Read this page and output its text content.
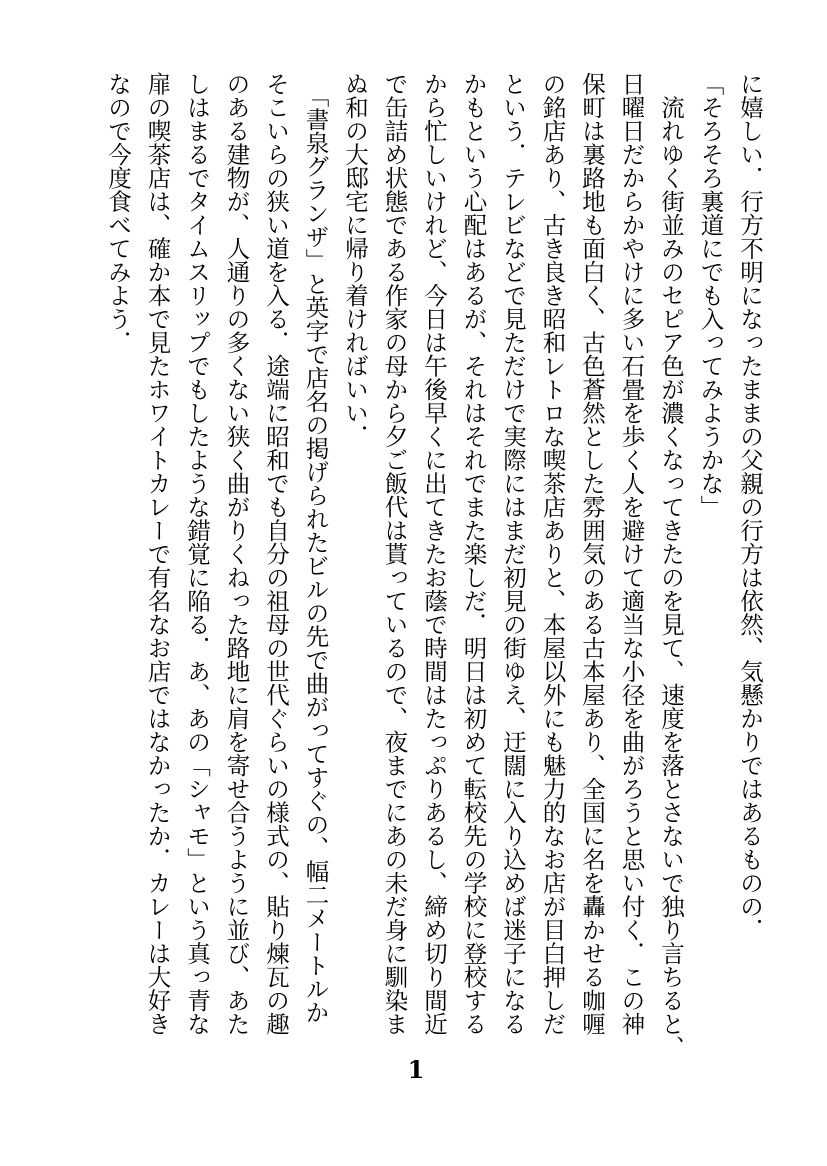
に嬉しい．行方不明になったままの父親の行方は依然、気懸かりではあるものの．
「そろそろ裏道にでも入ってみようかな」
　流れゆく街並みのセピア色が濃くなってきたのを見て、速度を落とさないで独り言ちると、
日曜日だからかやけに多い石畳を歩く人を避けて適当な小径を曲がろうと思い付く．この神
保町は裏路地も面白く、古色蒼然とした雰囲気のある古本屋あり、全国に名を轟かせる咖喱
の銘店あり、古き良き昭和レトロな喫茶店ありと、本屋以外にも魅力的なお店が目白押しだ
という．テレビなどで見ただけで実際にはまだ初見の街ゆえ、迂闊に入り込めば迷子になる
かもという心配はあるが、それはそれでまた楽しだ．明日は初めて転校先の学校に登校する
から忙しいけれど、今日は午後早くに出てきたお蔭で時間はたっぷりあるし、締め切り間近
で缶詰め状態である作家の母から夕ご飯代は貰っているので、夜までにあの未だ身に馴染ま
ぬ和の大邸宅に帰り着ければいい．
　「書泉グランザ」と英字で店名の掲げられたビルの先で曲がってすぐの、幅二メートルか
そこいらの狭い道を入る．途端に昭和でも自分の祖母の世代ぐらいの様式の、貼り煉瓦の趣
のある建物が、人通りの多くない狭く曲がりくねった路地に肩を寄せ合うように並び、あた
しはまるでタイムスリップでもしたような錯覚に陥る．あ、あの「シャモ」という真っ青な
扉の喫茶店は、確か本で見たホワイトカレーで有名なお店ではなかったか．カレーは大好き
なので今度食べてみよう．
1
